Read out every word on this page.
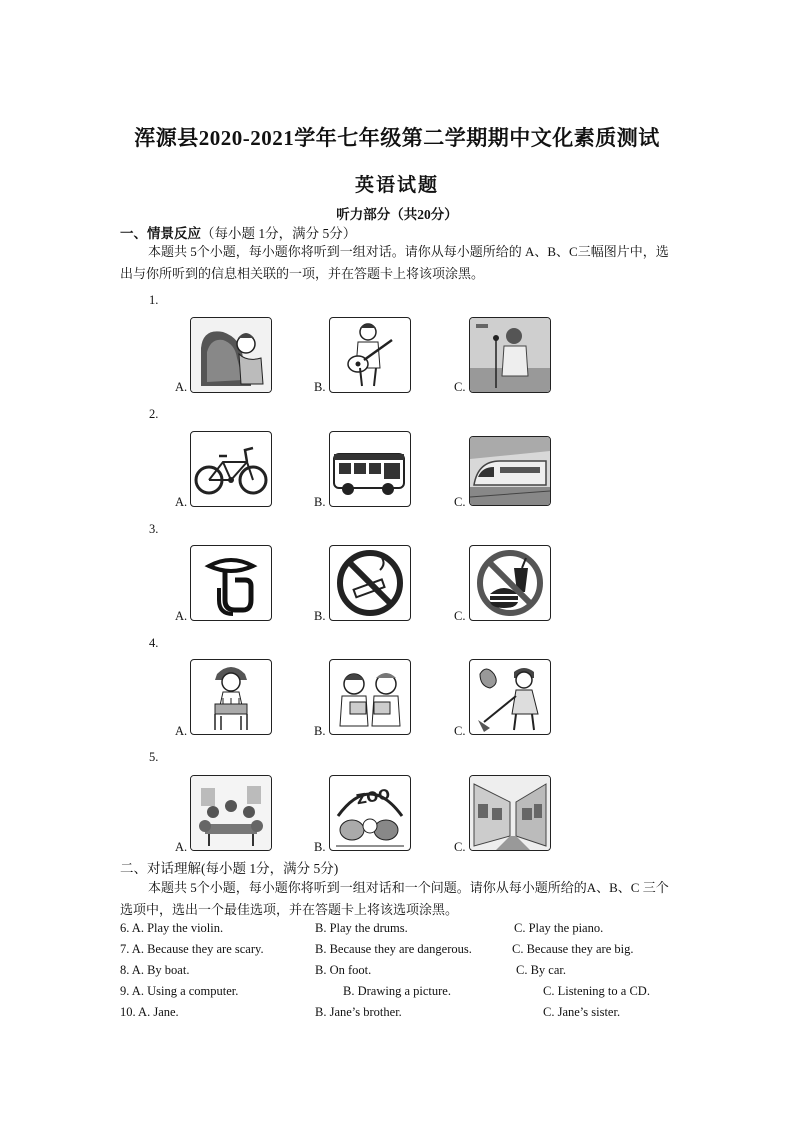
浑源县2020-2021学年七年级第二学期期中文化素质测试
英语试题
听力部分（共20分）
一、情景反应（每小题 1分，满分 5分）
本题共 5个小题，每小题你将听到一组对话。请你从每小题所给的 A、B、C三幅图片中，选出与你所听到的信息相关联的一项，并在答题卡上将该项涂黑。
1.
A.	B.	C.
2.
A.	B.	C.
3.
A.	B.	C.
4.
A.	B.	C.
5.
A.	B.
ZOO
C.
二、对话理解(每小题 1分，满分 5分)
本题共 5个小题，每小题你将听到一组对话和一个问题。请你从每小题所给的A、B、C 三个选项中，选出一个最佳选项，并在答题卡上将该选项涂黑。
6. A. Play the violin.	B. Play the drums.	C. Play the piano.
7. A. Because they are scary.	B. Because they are dangerous.	C. Because they are big.
8. A. By boat.	B. On foot.	C. By car.
9. A. Using a computer.	B. Drawing a picture.	C. Listening to a CD.
10. A. Jane.	B. Jane’s brother.	C. Jane’s sister.
